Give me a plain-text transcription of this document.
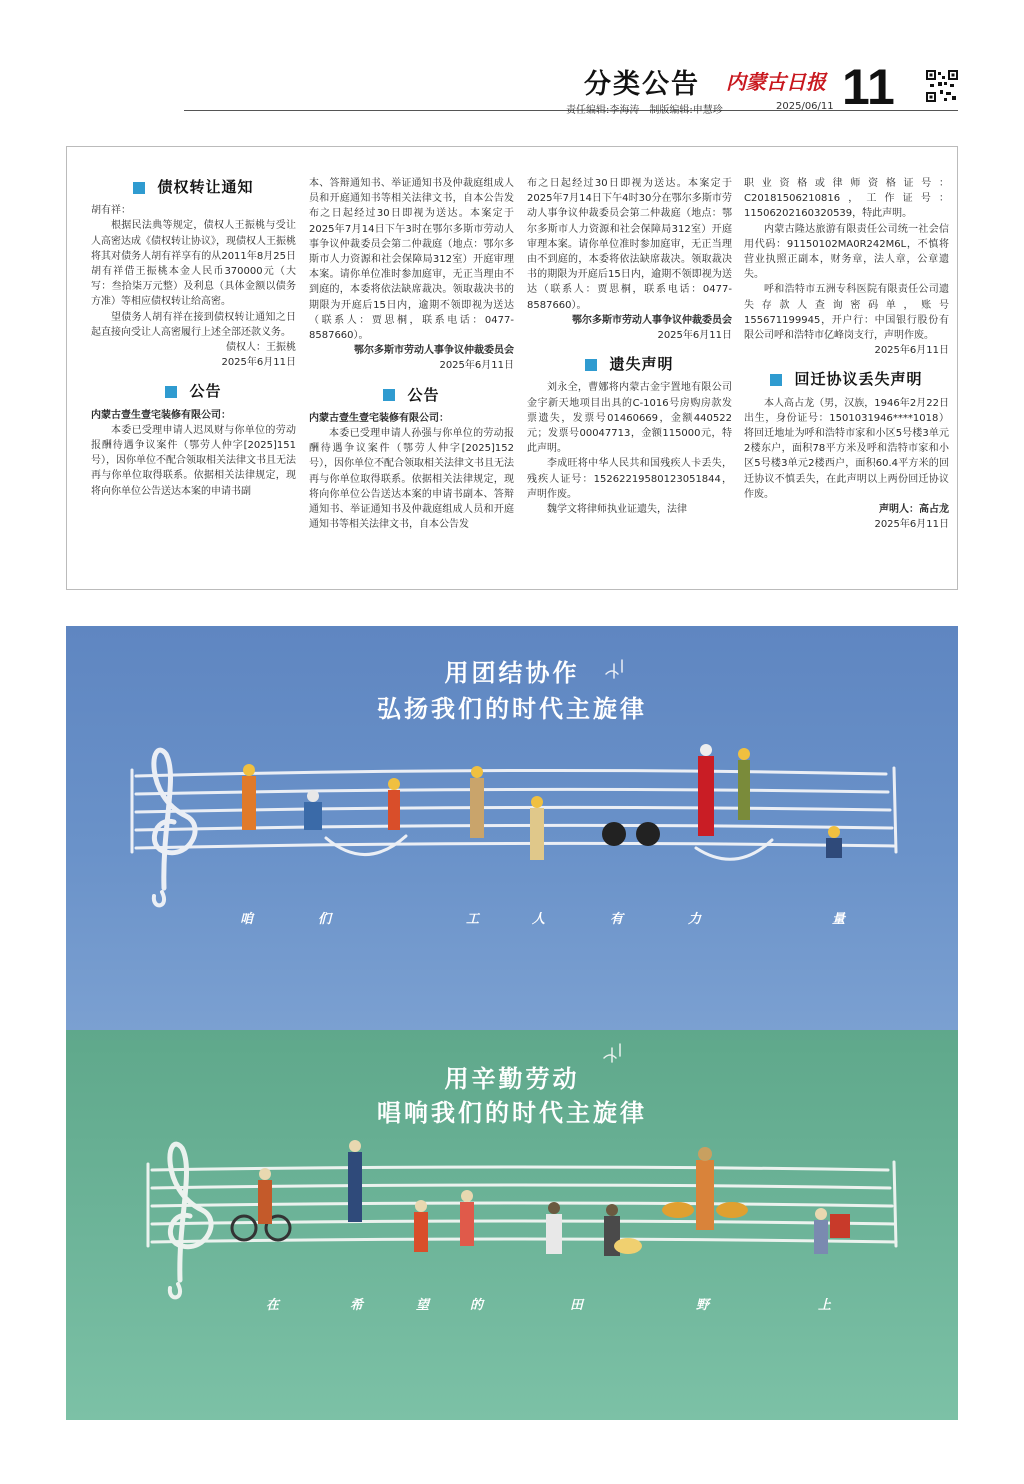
分类公告 内蒙古日报 11
责任编辑:李海涛　制版编辑:申慧珍	2025/06/11
债权转让通知

胡有祥：

根据民法典等规定，债权人王振桃与受让人高密达成《债权转让协议》，现债权人王振桃将其对债务人胡有祥享有的从2011年8月25日胡有祥借王振桃本金人民币370000元（大写：叁拾柒万元整）及利息（具体金额以债务方准）等相应债权转让给高密。

望债务人胡有祥在接到债权转让通知之日起直接向受让人高密履行上述全部还款义务。

债权人：王振桃

2025年6月11日

公告

内蒙古壹生壹宅装修有限公司：

本委已受理申请人迟凤财与你单位的劳动报酬待遇争议案件（鄂劳人仲字[2025]151号），因你单位不配合领取相关法律文书且无法再与你单位取得联系。依据相关法律规定，现将向你单位公告送达本案的申请书副

本、答辩通知书、举证通知书及仲裁庭组成人员和开庭通知书等相关法律文书，自本公告发布之日起经过30日即视为送达。本案定于2025年7月14日下午3时在鄂尔多斯市劳动人事争议仲裁委员会第二仲裁庭（地点：鄂尔多斯市人力资源和社会保障局312室）开庭审理本案。请你单位准时参加庭审，无正当理由不到庭的，本委将依法缺席裁决。领取裁决书的期限为开庭后15日内，逾期不领即视为送达（联系人：贾思桐，联系电话：0477-8587660）。

鄂尔多斯市劳动人事争议仲裁委员会

2025年6月11日

公告

内蒙古壹生壹宅装修有限公司：

本委已受理申请人孙强与你单位的劳动报酬待遇争议案件（鄂劳人仲字[2025]152号），因你单位不配合领取相关法律文书且无法再与你单位取得联系。依据相关法律规定，现将向你单位公告送达本案的申请书副本、答辩通知书、举证通知书及仲裁庭组成人员和开庭通知书等相关法律文书，自本公告发

布之日起经过30日即视为送达。本案定于2025年7月14日下午4时30分在鄂尔多斯市劳动人事争议仲裁委员会第二仲裁庭（地点：鄂尔多斯市人力资源和社会保障局312室）开庭审理本案。请你单位准时参加庭审，无正当理由不到庭的，本委将依法缺席裁决。领取裁决书的期限为开庭后15日内，逾期不领即视为送达（联系人：贾思桐，联系电话：0477-8587660）。

鄂尔多斯市劳动人事争议仲裁委员会

2025年6月11日

遗失声明

刘永全，曹娜将内蒙古金宇置地有限公司金宇新天地项目出具的C-1016号房购房款发票遗失，发票号01460669，金额440522元；发票号00047713，金额115000元，特此声明。

李成旺将中华人民共和国残疾人卡丢失，残疾人证号：15262219580123051844，声明作废。

魏学文将律师执业证遗失，法律

职业资格或律师资格证号：C20181506210816，工作证号：11506202160320539，特此声明。

内蒙古隆达旅游有限责任公司统一社会信用代码：91150102MA0R242M6L，不慎将营业执照正副本，财务章，法人章，公章遗失。

呼和浩特市五洲专科医院有限责任公司遗失存款人查询密码单，账号155671199945，开户行：中国银行股份有限公司呼和浩特市亿峰岗支行，声明作废。

2025年6月11日

回迁协议丢失声明

本人高占龙（男，汉族，1946年2月22日出生，身份证号：1501031946****1018）将回迁地址为呼和浩特市家和小区5号楼3单元2楼东户，面积78平方米及呼和浩特市家和小区5号楼3单元2楼西户，面积60.4平方米的回迁协议不慎丢失，在此声明以上两份回迁协议作废。

声明人：高占龙

2025年6月11日

用团结协作
弘扬我们的时代主旋律
咱	们	工	人	有	力	量
用辛勤劳动
唱响我们的时代主旋律
在	希	望	的	田	野	上
